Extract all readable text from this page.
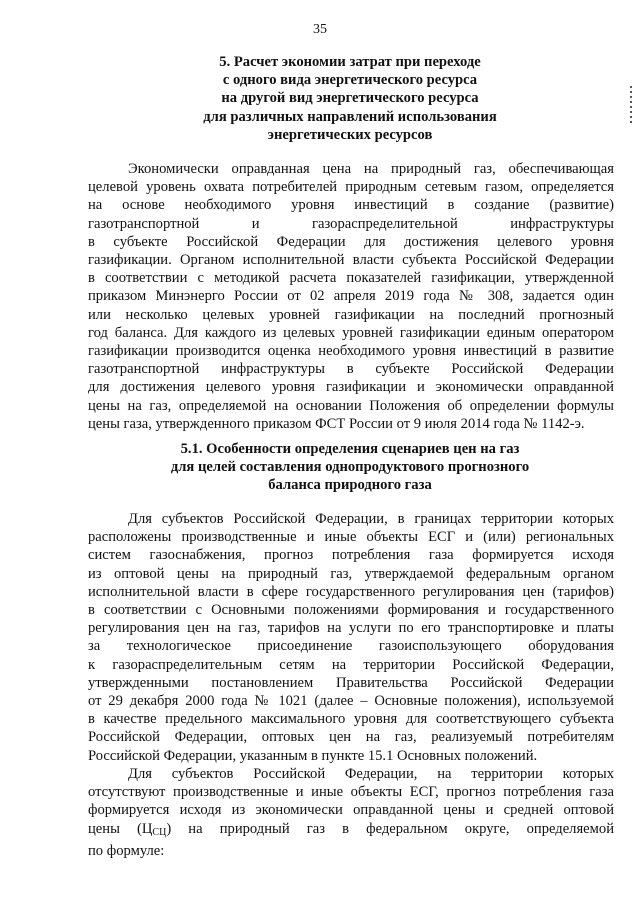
35
5. Расчет экономии затрат при переходе
с одного вида энергетического ресурса
на другой вид энергетического ресурса
для различных направлений использования
энергетических ресурсов
Экономически оправданная цена на природный газ, обеспечивающая
целевой уровень охвата потребителей природным сетевым газом, определяется
на основе необходимого уровня инвестиций в создание (развитие)
газотранспортной и газораспределительной инфраструктуры
в субъекте Российской Федерации для достижения целевого уровня
газификации. Органом исполнительной власти субъекта Российской Федерации
в соответствии с методикой расчета показателей газификации, утвержденной
приказом Минэнерго России от 02 апреля 2019 года № 308, задается один
или несколько целевых уровней газификации на последний прогнозный
год баланса. Для каждого из целевых уровней газификации единым оператором
газификации производится оценка необходимого уровня инвестиций в развитие
газотранспортной инфраструктуры в субъекте Российской Федерации
для достижения целевого уровня газификации и экономически оправданной
цены на газ, определяемой на основании Положения об определении формулы
цены газа, утвержденного приказом ФСТ России от 9 июля 2014 года № 1142-э.
5.1. Особенности определения сценариев цен на газ
для целей составления однопродуктового прогнозного
баланса природного газа
Для субъектов Российской Федерации, в границах территории которых
расположены производственные и иные объекты ЕСГ и (или) региональных
систем газоснабжения, прогноз потребления газа формируется исходя
из оптовой цены на природный газ, утверждаемой федеральным органом
исполнительной власти в сфере государственного регулирования цен (тарифов)
в соответствии с Основными положениями формирования и государственного
регулирования цен на газ, тарифов на услуги по его транспортировке и платы
за технологическое присоединение газоиспользующего оборудования
к газораспределительным сетям на территории Российской Федерации,
утвержденными постановлением Правительства Российской Федерации
от 29 декабря 2000 года № 1021 (далее – Основные положения), используемой
в качестве предельного максимального уровня для соответствующего субъекта
Российской Федерации, оптовых цен на газ, реализуемый потребителям
Российской Федерации, указанным в пункте 15.1 Основных положений.
Для субъектов Российской Федерации, на территории которых
отсутствуют производственные и иные объекты ЕСГ, прогноз потребления газа
формируется исходя из экономически оправданной цены и средней оптовой
цены $(Ц_{СЦ})$ на природный газ в федеральном округе, определяемой
по формуле:
